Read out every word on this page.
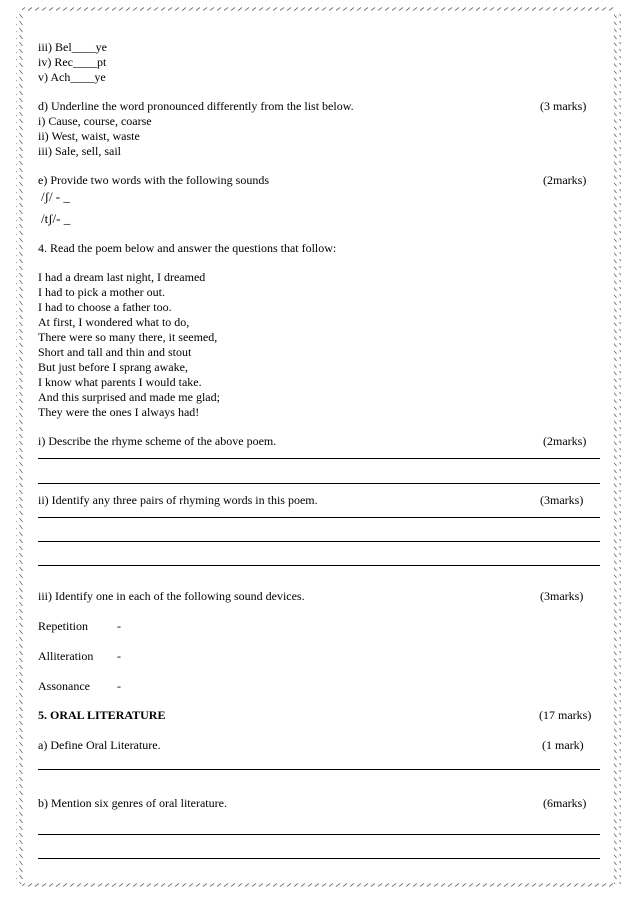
iii) Bel____ye
iv) Rec____pt
v) Ach____ye
d) Underline the word pronounced differently from the list below.	(3 marks)
i) Cause, course, coarse
ii) West, waist, waste
iii) Sale, sell, sail
e) Provide two words with the following sounds	(2marks)
/ʃ/ - _
/tʃ/- _
4. Read the poem below and answer the questions that follow:
I had a dream last night, I dreamed
I had to pick a mother out.
I had to choose a father too.
At first, I wondered what to do,
There were so many there, it seemed,
Short and tall and thin and stout
But just before I sprang awake,
I know what parents I would take.
And this surprised and made me glad;
They were the ones I always had!
i) Describe the rhyme scheme of the above poem.	(2marks)
ii) Identify any three pairs of rhyming words in this poem.	(3marks)
iii) Identify one in each of the following sound devices.	(3marks)
Repetition -
Alliteration -
Assonance -
5. ORAL LITERATURE	(17 marks)
a) Define Oral Literature.	(1 mark)
b) Mention six genres of oral literature.	(6marks)
